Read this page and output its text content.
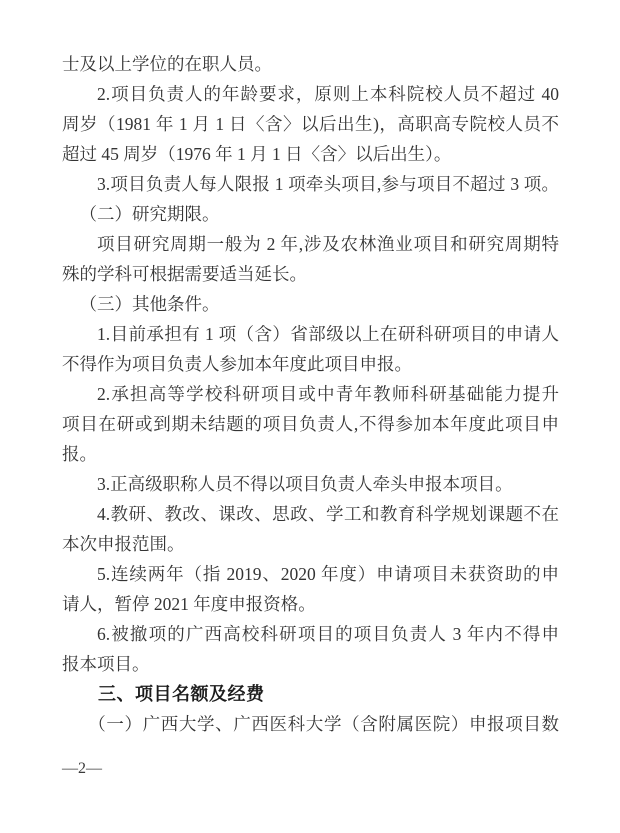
士及以上学位的在职人员。
2.项目负责人的年龄要求，原则上本科院校人员不超过 40
周岁（1981 年 1 月 1 日〈含〉以后出生)，高职高专院校人员不
超过 45 周岁（1976 年 1 月 1 日〈含〉以后出生）。
3.项目负责人每人限报 1 项牵头项目,参与项目不超过 3 项。
（二）研究期限。
项目研究周期一般为 2 年,涉及农林渔业项目和研究周期特
殊的学科可根据需要适当延长。
（三）其他条件。
1.目前承担有 1 项（含）省部级以上在研科研项目的申请人
不得作为项目负责人参加本年度此项目申报。
2.承担高等学校科研项目或中青年教师科研基础能力提升
项目在研或到期未结题的项目负责人,不得参加本年度此项目申
报。
3.正高级职称人员不得以项目负责人牵头申报本项目。
4.教研、教改、课改、思政、学工和教育科学规划课题不在
本次申报范围。
5.连续两年（指 2019、2020 年度）申请项目未获资助的申
请人，暂停 2021 年度申报资格。
6.被撤项的广西高校科研项目的项目负责人 3 年内不得申
报本项目。
三、项目名额及经费
（一）广西大学、广西医科大学（含附属医院）申报项目数
—2—
